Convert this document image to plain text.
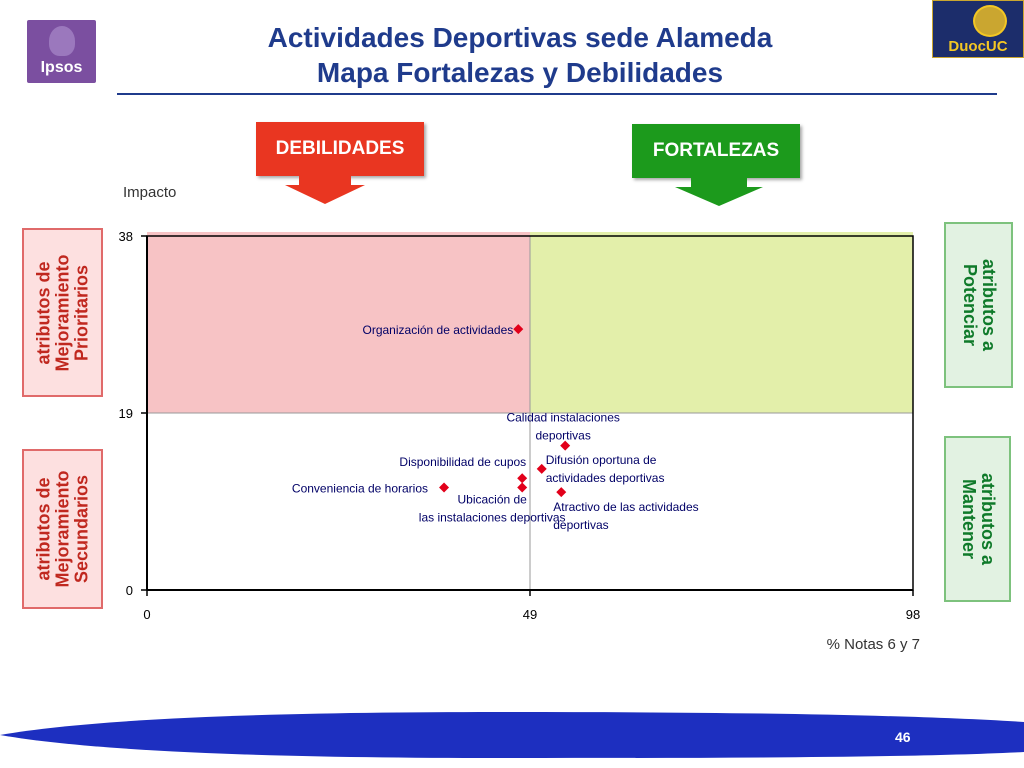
Ipsos
DuocUC
Actividades Deportivas sede Alameda
Mapa Fortalezas y Debilidades
DEBILIDADES	FORTALEZAS
atributos de
Mejoramiento
Prioritarios
atributos de
Mejoramiento
Secundarios
atributos a
Potenciar
atributos a
Mantener
Impacto
% Notas 6 y 7
0
19
38
0	49	98
Organización de actividades
Calidad instalaciones deportivas
Disponibilidad de cupos Difusión oportuna de actividades deportivas
Conveniencia de horarios
Ubicación de las instalaciones deportivas
Atractivo de las actividades deportivas
46
